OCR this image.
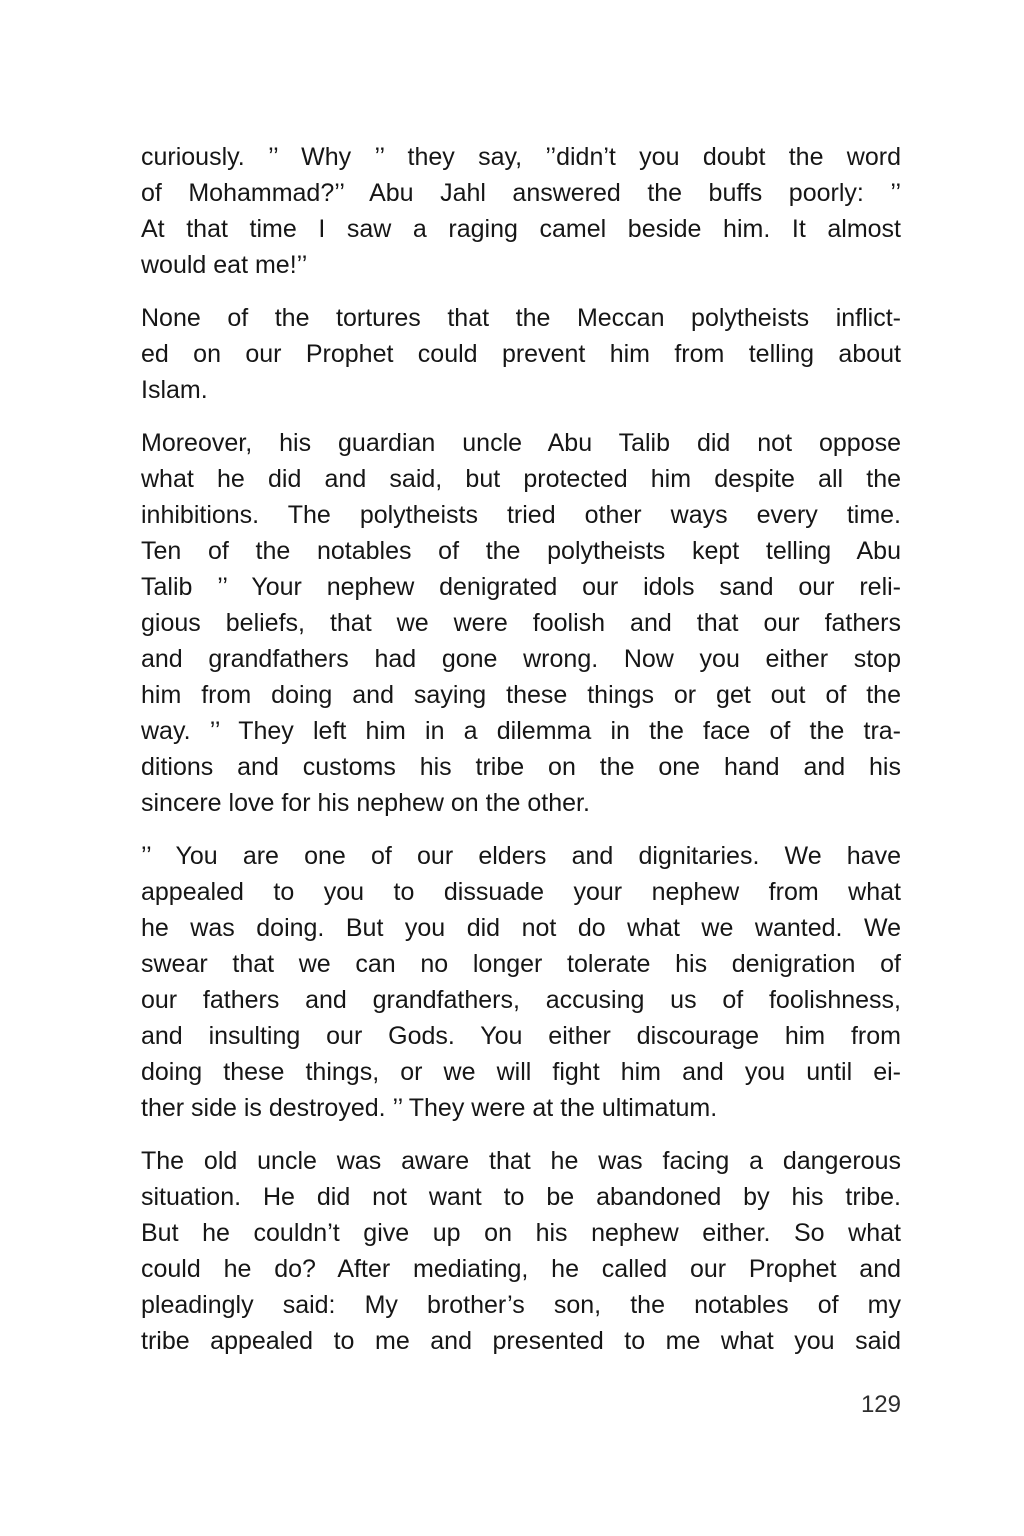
curiously. ’’ Why ’’ they say, ’’didn’t you doubt the word
of Mohammad?’’ Abu Jahl answered the buffs poorly: ’’
At that time I saw a raging camel beside him. It almost
would eat me!’’
None of the tortures that the Meccan polytheists inflict-
ed on our Prophet could prevent him from telling about
Islam.
Moreover, his guardian uncle Abu Talib did not oppose
what he did and said, but protected him despite all the
inhibitions. The polytheists tried other ways every time.
Ten of the notables of the polytheists kept telling Abu
Talib ’’ Your nephew denigrated our idols sand our reli-
gious beliefs, that we were foolish and that our fathers
and grandfathers had gone wrong. Now you either stop
him from doing and saying these things or get out of the
way. ’’ They left him in a dilemma in the face of the tra-
ditions and customs his tribe on the one hand and his
sincere love for his nephew on the other.
’’ You are one of our elders and dignitaries. We have
appealed to you to dissuade your nephew from what
he was doing. But you did not do what we wanted. We
swear that we can no longer tolerate his denigration of
our fathers and grandfathers, accusing us of foolishness,
and insulting our Gods. You either discourage him from
doing these things, or we will fight him and you until ei-
ther side is destroyed. ’’ They were at the ultimatum.
The old uncle was aware that he was facing a dangerous
situation. He did not want to be abandoned by his tribe.
But he couldn’t give up on his nephew either. So what
could he do? After mediating, he called our Prophet and
pleadingly said: My brother’s son, the notables of my
tribe appealed to me and presented to me what you said
129
